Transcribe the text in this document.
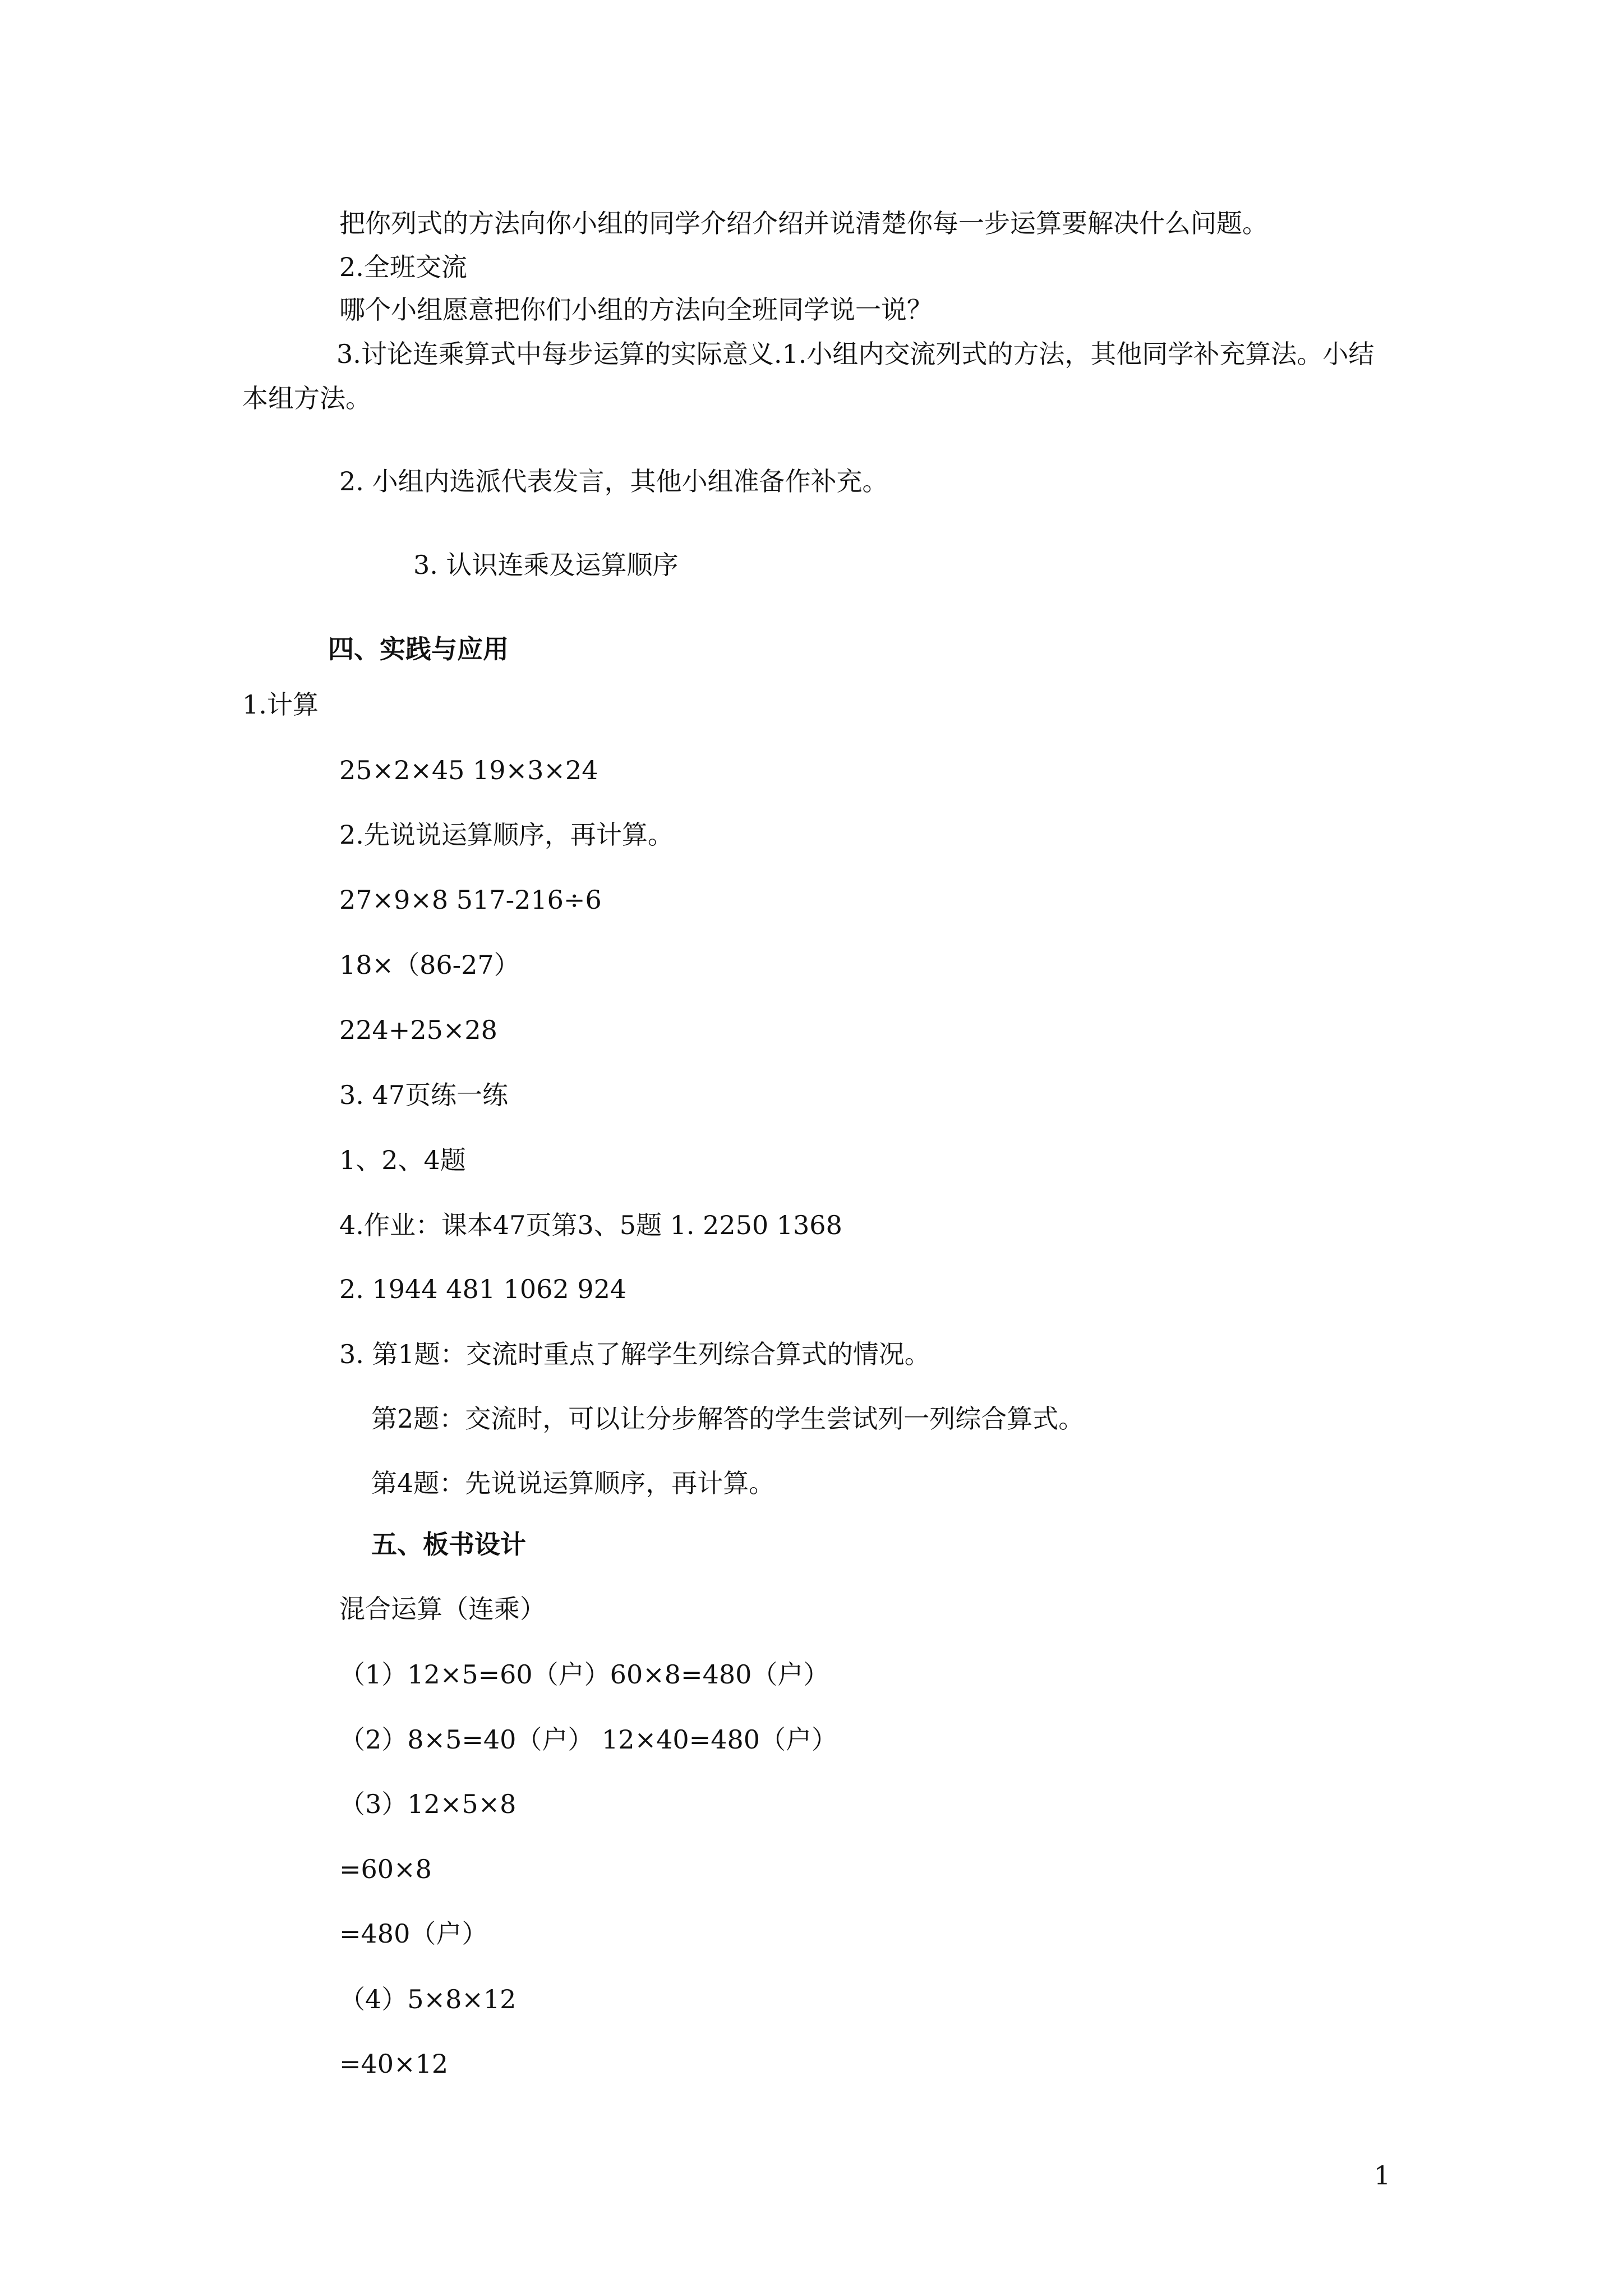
把你列式的方法向你小组的同学介绍介绍并说清楚你每一步运算要解决什么问题。
2.全班交流
哪个小组愿意把你们小组的方法向全班同学说一说？
3.讨论连乘算式中每步运算的实际意义.1.小组内交流列式的方法，其他同学补充算法。小结本组方法。
2. 小组内选派代表发言，其他小组准备作补充。
3. 认识连乘及运算顺序
四、实践与应用
1.计算
25×2×45 19×3×24
2.先说说运算顺序，再计算。
27×9×8 517-216÷6
18×（86-27）
224+25×28
3. 47页练一练
1、2、4题
4.作业：课本47页第3、5题 1. 2250 1368
2. 1944 481 1062 924
3. 第1题：交流时重点了解学生列综合算式的情况。
第2题：交流时，可以让分步解答的学生尝试列一列综合算式。
第4题：先说说运算顺序，再计算。
五、板书设计
混合运算（连乘）
（1）12×5=60（户）60×8=480（户）
（2）8×5=40（户） 12×40=480（户）
（3）12×5×8
=60×8
=480（户）
（4）5×8×12
=40×12
1
